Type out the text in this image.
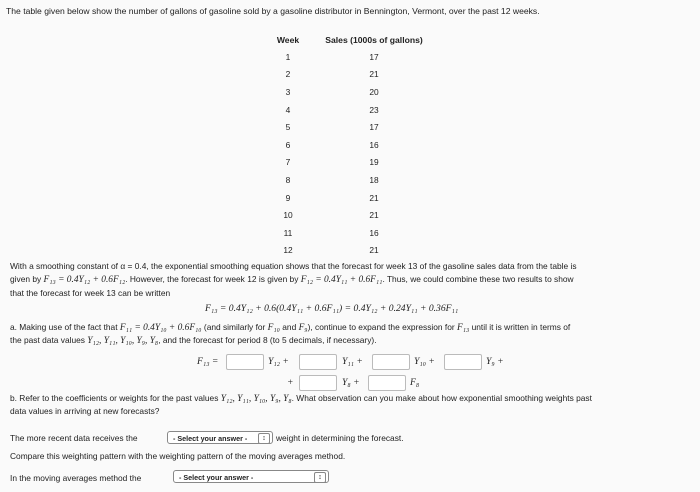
The table given below show the number of gallons of gasoline sold by a gasoline distributor in Bennington, Vermont, over the past 12 weeks.
Week	Sales (1000s of gallons)
1	17
2	21
3	20
4	23
5	17
6	16
7	19
8	18
9	21
10	21
11	16
12	21
With a smoothing constant of α = 0.4, the exponential smoothing equation shows that the forecast for week 13 of the gasoline sales data from the table is
given by F₁₃ = 0.4Y₁₂ + 0.6F₁₂. However, the forecast for week 12 is given by F₁₂ = 0.4Y₁₁ + 0.6F₁₁. Thus, we could combine these two results to show
that the forecast for week 13 can be written
F₁₃ = 0.4Y₁₂ + 0.6(0.4Y₁₁ + 0.6F₁₁) = 0.4Y₁₂ + 0.24Y₁₁ + 0.36F₁₁
a. Making use of the fact that F₁₁ = 0.4Y₁₀ + 0.6F₁₀ (and similarly for F₁₀ and F₉), continue to expand the expression for F₁₃ until it is written in terms of
the past data values Y₁₂, Y₁₁, Y₁₀, Y₉, Y₈, and the forecast for period 8 (to 5 decimals, if necessary).
F₁₃ =	Y₁₂ +	Y₁₁ +	Y₁₀ +	Y₉ +
+	Y₈ +	F₈
b. Refer to the coefficients or weights for the past values Y₁₂, Y₁₁, Y₁₀, Y₉, Y₈. What observation can you make about how exponential smoothing weights past
data values in arriving at new forecasts?
The more recent data receives the	- Select your answer -	↕	weight in determining the forecast.
Compare this weighting pattern with the weighting pattern of the moving averages method.
In the moving averages method the	- Select your answer -	↕
